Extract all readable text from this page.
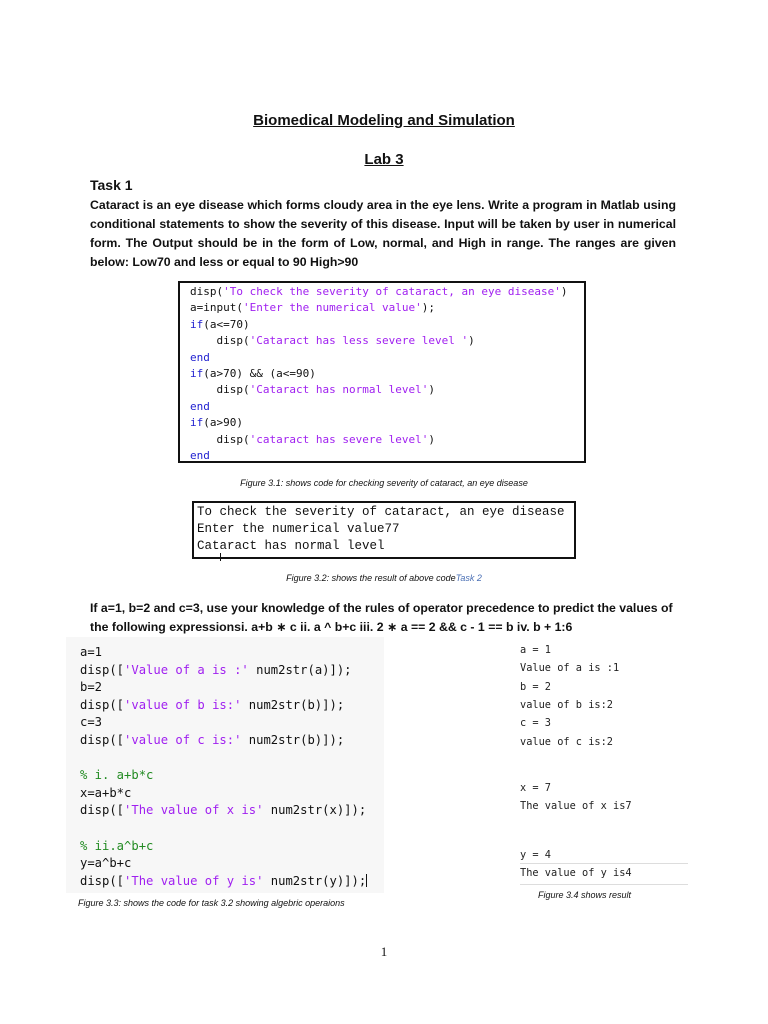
Biomedical Modeling and Simulation
Lab 3
Task 1
Cataract is an eye disease which forms cloudy area in the eye lens. Write a program in Matlab using conditional statements to show the severity of this disease. Input will be taken by user in numerical form. The Output should be in the form of Low, normal, and High in range. The ranges are given below: Low70 and less or equal to 90 High>90
disp('To check the severity of cataract, an eye disease')
a=input('Enter the numerical value');
if(a<=70)
disp('Cataract has less severe level ')
end
if(a>70) && (a<=90)
disp('Cataract has normal level')
end
if(a>90)
disp('cataract has severe level')
end
Figure 3.1: shows code for checking severity of cataract, an eye disease
To check the severity of cataract, an eye disease
Enter the numerical value77
Cataract has normal level
Figure 3.2: shows the result of above codeTask 2
If a=1, b=2 and c=3, use your knowledge of the rules of operator precedence to predict the values of the following expressionsi. a+b ∗ c ii. a ^ b+c iii. 2 ∗ a == 2 && c - 1 == b iv. b + 1:6
a=1
disp(['Value of a is :' num2str(a)]);
b=2
disp(['value of b is:' num2str(b)]);
c=3
disp(['value of c is:' num2str(b)]);

% i. a+b*c
x=a+b*c
disp(['The value of x is' num2str(x)]);

% ii.a^b+c
y=a^b+c
disp(['The value of y is' num2str(y)]);
Figure 3.3: shows the code for task 3.2 showing algebric operaions
a = 1
Value of a is :1
b = 2
value of b is:2
c = 3
value of c is:2
x = 7
The value of x is7
y = 4
The value of y is4
Figure 3.4 shows result
1
